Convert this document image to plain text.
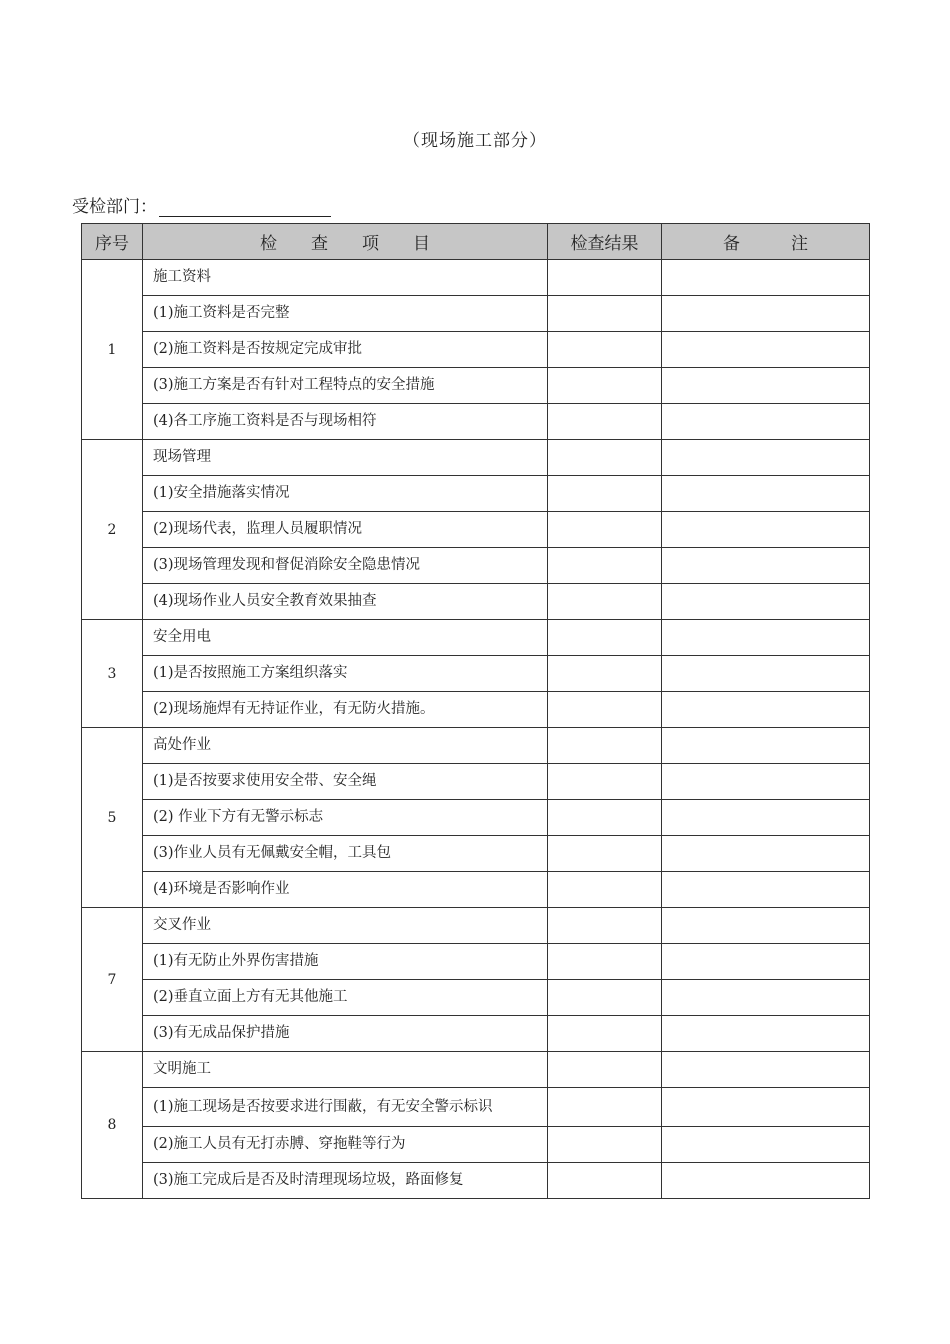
（现场施工部分）
受检部门：
序号	检　　查　　项　　目	检查结果	备　　　注
1	施工资料		
	(1)施工资料是否完整		
	(2)施工资料是否按规定完成审批		
	(3)施工方案是否有针对工程特点的安全措施		
	(4)各工序施工资料是否与现场相符		
2	现场管理		
	(1)安全措施落实情况		
	(2)现场代表，监理人员履职情况		
	(3)现场管理发现和督促消除安全隐患情况		
	(4)现场作业人员安全教育效果抽查		
3	安全用电		
	(1)是否按照施工方案组织落实		
	(2)现场施焊有无持证作业，有无防火措施。		
5	高处作业		
	(1)是否按要求使用安全带、安全绳		
	(2) 作业下方有无警示标志		
	(3)作业人员有无佩戴安全帽，工具包		
	(4)环境是否影响作业		
7	交叉作业		
	(1)有无防止外界伤害措施		
	(2)垂直立面上方有无其他施工		
	(3)有无成品保护措施		
8	文明施工		
	(1)施工现场是否按要求进行围蔽，有无安全警示标识		
	(2)施工人员有无打赤膊、穿拖鞋等行为		
	(3)施工完成后是否及时清理现场垃圾，路面修复		
